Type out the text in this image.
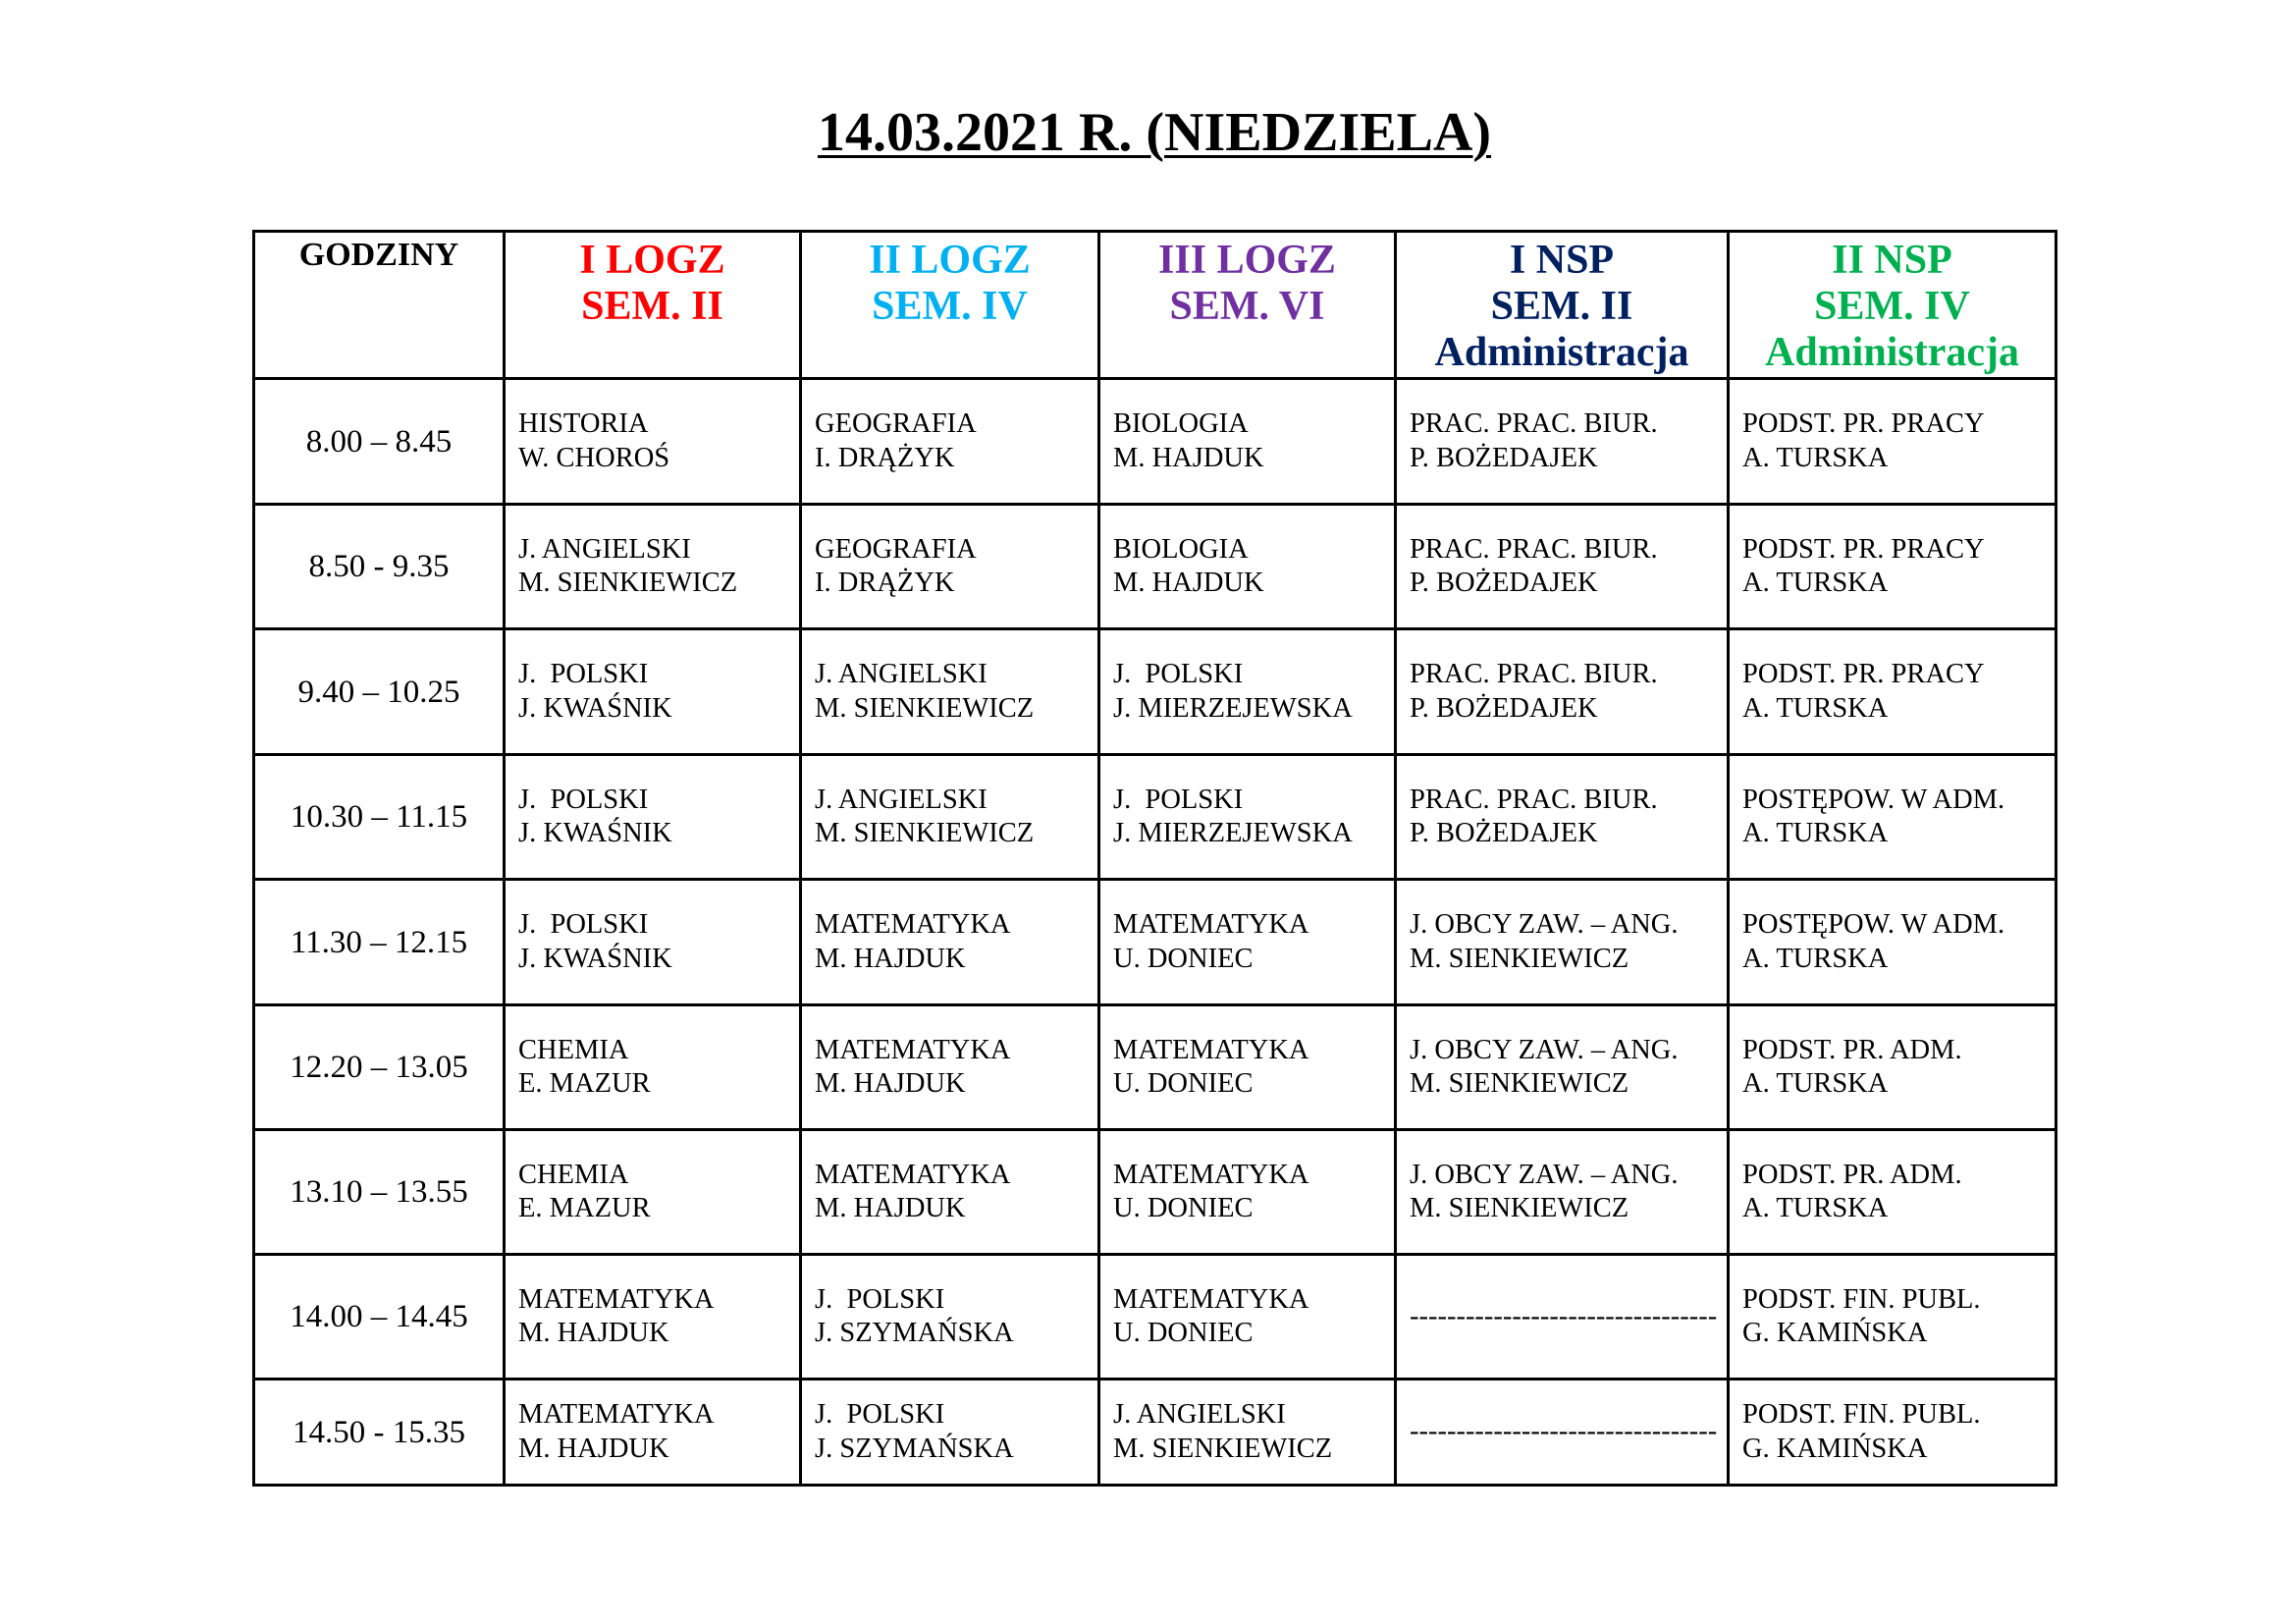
14.03.2021 R. (NIEDZIELA)
GODZINY	I LOGZ
SEM. II
II LOGZ
SEM. IV
III LOGZ
SEM. VI
I NSP
SEM. II
Administracja
II NSP
SEM. IV
Administracja
8.00 – 8.45 HISTORIA
W. CHOROŚ
GEOGRAFIA
I. DRĄŻYK
BIOLOGIA
M. HAJDUK
PRAC. PRAC. BIUR.
P. BOŻEDAJEK
PODST. PR. PRACY
A. TURSKA
8.50 - 9.35 J. ANGIELSKI
M. SIENKIEWICZ
GEOGRAFIA
I. DRĄŻYK
BIOLOGIA
M. HAJDUK
PRAC. PRAC. BIUR.
P. BOŻEDAJEK
PODST. PR. PRACY
A. TURSKA
9.40 – 10.25 J.  POLSKI
J. KWAŚNIK
J. ANGIELSKI
M. SIENKIEWICZ
J.  POLSKI
J. MIERZEJEWSKA
PRAC. PRAC. BIUR.
P. BOŻEDAJEK
PODST. PR. PRACY
A. TURSKA
10.30 – 11.15 J.  POLSKI
J. KWAŚNIK
J. ANGIELSKI
M. SIENKIEWICZ
J.  POLSKI
J. MIERZEJEWSKA
PRAC. PRAC. BIUR.
P. BOŻEDAJEK
POSTĘPOW. W ADM.
A. TURSKA
11.30 – 12.15 J.  POLSKI
J. KWAŚNIK
MATEMATYKA
M. HAJDUK
MATEMATYKA
U. DONIEC
J. OBCY ZAW. – ANG.
M. SIENKIEWICZ
POSTĘPOW. W ADM.
A. TURSKA
12.20 – 13.05 CHEMIA
E. MAZUR
MATEMATYKA
M. HAJDUK
MATEMATYKA
U. DONIEC
J. OBCY ZAW. – ANG.
M. SIENKIEWICZ
PODST. PR. ADM.
A. TURSKA
13.10 – 13.55 CHEMIA
E. MAZUR
MATEMATYKA
M. HAJDUK
MATEMATYKA
U. DONIEC
J. OBCY ZAW. – ANG.
M. SIENKIEWICZ
PODST. PR. ADM.
A. TURSKA
14.00 – 14.45 MATEMATYKA
M. HAJDUK
J.  POLSKI
J. SZYMAŃSKA
MATEMATYKA
U. DONIEC
---------------------------------
PODST. FIN. PUBL.
G. KAMIŃSKA
14.50 - 15.35 MATEMATYKA
M. HAJDUK
J.  POLSKI
J. SZYMAŃSKA
J. ANGIELSKI
M. SIENKIEWICZ
---------------------------------
PODST. FIN. PUBL.
G. KAMIŃSKA
